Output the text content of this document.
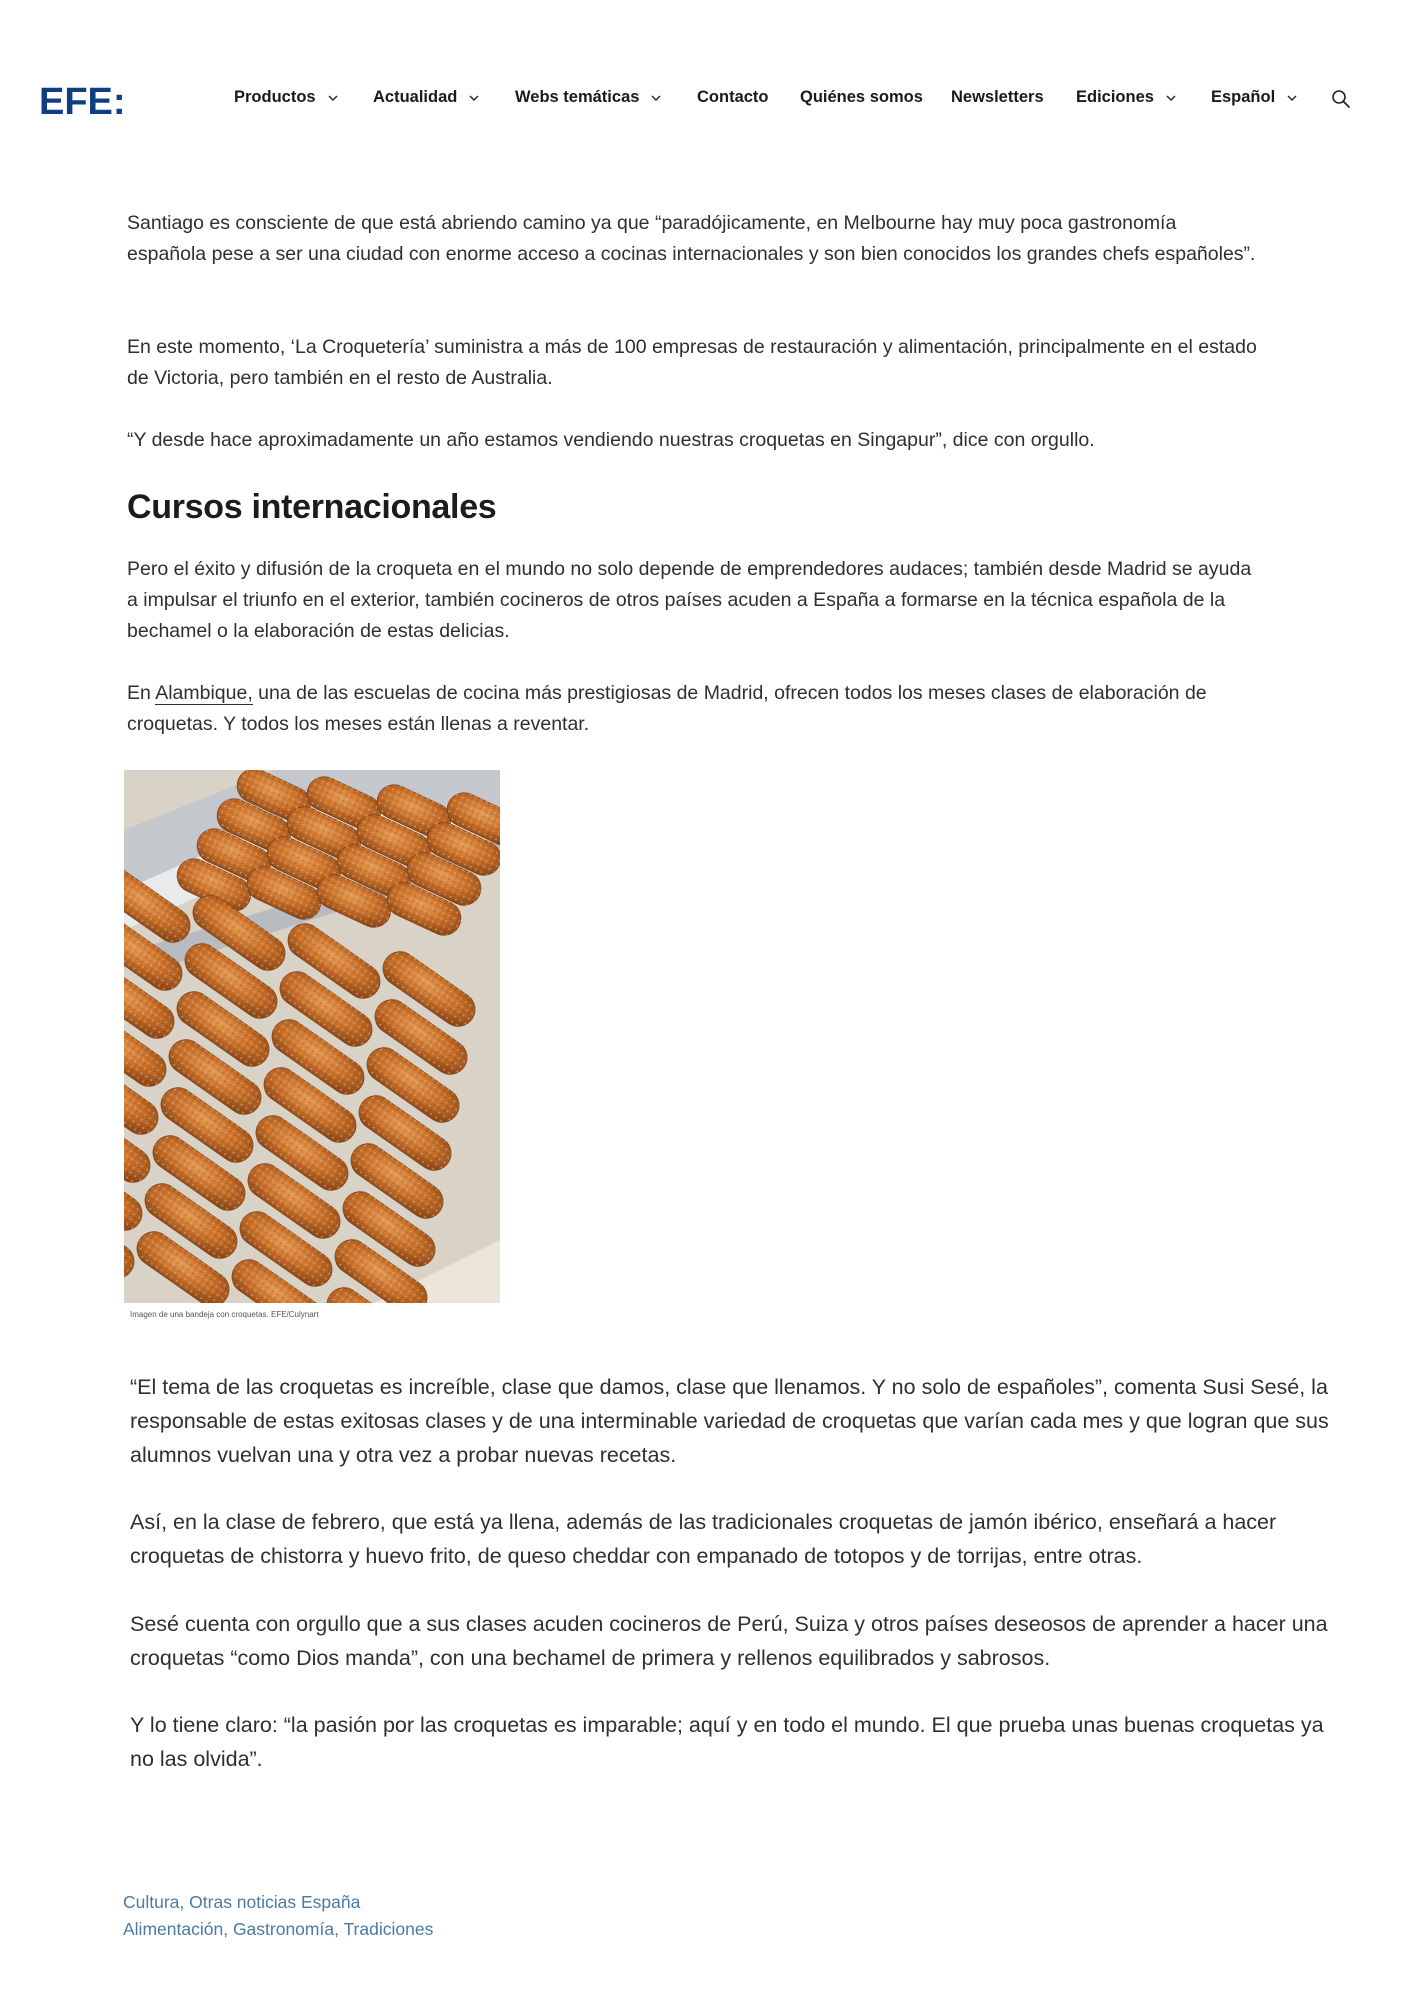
EFE:	Productos	Actualidad	Webs temáticas	Contacto Quiénes somos Newsletters Ediciones	Español

Santiago es consciente de que está abriendo camino ya que “paradójicamente, en Melbourne hay muy poca gastronomía española pese a ser una ciudad con enorme acceso a cocinas internacionales y son bien conocidos los grandes chefs españoles”.

En este momento, ‘La Croquetería’ suministra a más de 100 empresas de restauración y alimentación, principalmente en el estado de Victoria, pero también en el resto de Australia.

“Y desde hace aproximadamente un año estamos vendiendo nuestras croquetas en Singapur”, dice con orgullo.

Cursos internacionales

Pero el éxito y difusión de la croqueta en el mundo no solo depende de emprendedores audaces; también desde Madrid se ayuda a impulsar el triunfo en el exterior, también cocineros de otros países acuden a España a formarse en la técnica española de la bechamel o la elaboración de estas delicias.

En Alambique, una de las escuelas de cocina más prestigiosas de Madrid, ofrecen todos los meses clases de elaboración de croquetas. Y todos los meses están llenas a reventar.

Imagen de una bandeja con croquetas. EFE/Culynart

“El tema de las croquetas es increíble, clase que damos, clase que llenamos. Y no solo de españoles”, comenta Susi Sesé, la responsable de estas exitosas clases y de una interminable variedad de croquetas que varían cada mes y que logran que sus alumnos vuelvan una y otra vez a probar nuevas recetas.

Así, en la clase de febrero, que está ya llena, además de las tradicionales croquetas de jamón ibérico, enseñará a hacer croquetas de chistorra y huevo frito, de queso cheddar con empanado de totopos y de torrijas, entre otras.

Sesé cuenta con orgullo que a sus clases acuden cocineros de Perú, Suiza y otros países deseosos de aprender a hacer una croquetas “como Dios manda”, con una bechamel de primera y rellenos equilibrados y sabrosos.

Y lo tiene claro: “la pasión por las croquetas es imparable; aquí y en todo el mundo. El que prueba unas buenas croquetas ya no las olvida”.

Cultura, Otras noticias España
Alimentación, Gastronomía, Tradiciones
